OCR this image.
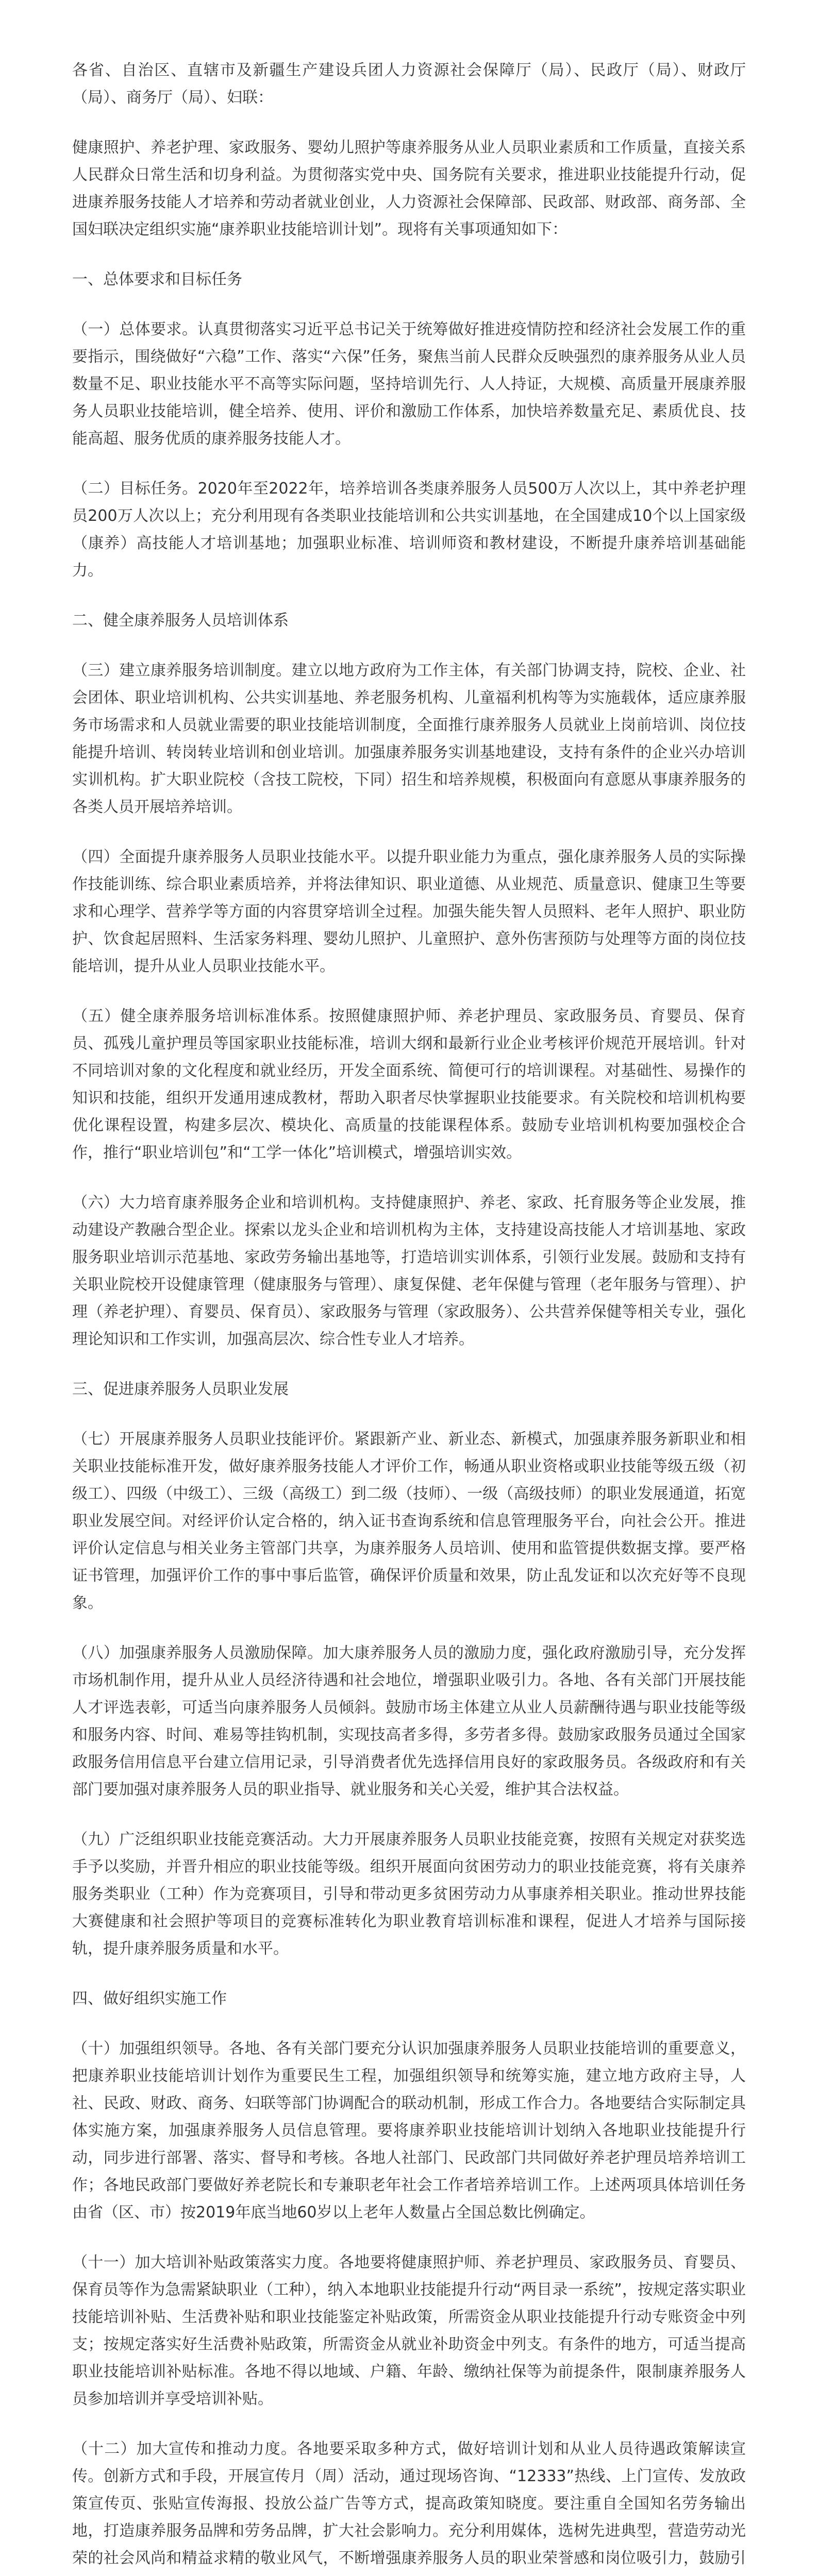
各省、自治区、直辖市及新疆生产建设兵团人力资源社会保障厅（局）、民政厅（局）、财政厅（局）、商务厅（局）、妇联：

健康照护、养老护理、家政服务、婴幼儿照护等康养服务从业人员职业素质和工作质量，直接关系人民群众日常生活和切身利益。为贯彻落实党中央、国务院有关要求，推进职业技能提升行动，促进康养服务技能人才培养和劳动者就业创业，人力资源社会保障部、民政部、财政部、商务部、全国妇联决定组织实施“康养职业技能培训计划”。现将有关事项通知如下：

一、总体要求和目标任务

（一）总体要求。认真贯彻落实习近平总书记关于统筹做好推进疫情防控和经济社会发展工作的重要指示，围绕做好“六稳”工作、落实“六保”任务，聚焦当前人民群众反映强烈的康养服务从业人员数量不足、职业技能水平不高等实际问题，坚持培训先行、人人持证，大规模、高质量开展康养服务人员职业技能培训，健全培养、使用、评价和激励工作体系，加快培养数量充足、素质优良、技能高超、服务优质的康养服务技能人才。

（二）目标任务。2020年至2022年，培养培训各类康养服务人员500万人次以上，其中养老护理员200万人次以上；充分利用现有各类职业技能培训和公共实训基地，在全国建成10个以上国家级（康养）高技能人才培训基地；加强职业标准、培训师资和教材建设，不断提升康养培训基础能力。

二、健全康养服务人员培训体系

（三）建立康养服务培训制度。建立以地方政府为工作主体，有关部门协调支持，院校、企业、社会团体、职业培训机构、公共实训基地、养老服务机构、儿童福利机构等为实施载体，适应康养服务市场需求和人员就业需要的职业技能培训制度，全面推行康养服务人员就业上岗前培训、岗位技能提升培训、转岗转业培训和创业培训。加强康养服务实训基地建设，支持有条件的企业兴办培训实训机构。扩大职业院校（含技工院校，下同）招生和培养规模，积极面向有意愿从事康养服务的各类人员开展培养培训。

（四）全面提升康养服务人员职业技能水平。以提升职业能力为重点，强化康养服务人员的实际操作技能训练、综合职业素质培养，并将法律知识、职业道德、从业规范、质量意识、健康卫生等要求和心理学、营养学等方面的内容贯穿培训全过程。加强失能失智人员照料、老年人照护、职业防护、饮食起居照料、生活家务料理、婴幼儿照护、儿童照护、意外伤害预防与处理等方面的岗位技能培训，提升从业人员职业技能水平。

（五）健全康养服务培训标准体系。按照健康照护师、养老护理员、家政服务员、育婴员、保育员、孤残儿童护理员等国家职业技能标准，培训大纲和最新行业企业考核评价规范开展培训。针对不同培训对象的文化程度和就业经历，开发全面系统、简便可行的培训课程。对基础性、易操作的知识和技能，组织开发通用速成教材，帮助入职者尽快掌握职业技能要求。有关院校和培训机构要优化课程设置，构建多层次、模块化、高质量的技能课程体系。鼓励专业培训机构要加强校企合作，推行“职业培训包”和“工学一体化”培训模式，增强培训实效。

（六）大力培育康养服务企业和培训机构。支持健康照护、养老、家政、托育服务等企业发展，推动建设产教融合型企业。探索以龙头企业和培训机构为主体，支持建设高技能人才培训基地、家政服务职业培训示范基地、家政劳务输出基地等，打造培训实训体系，引领行业发展。鼓励和支持有关职业院校开设健康管理（健康服务与管理）、康复保健、老年保健与管理（老年服务与管理）、护理（养老护理）、育婴员、保育员）、家政服务与管理（家政服务）、公共营养保健等相关专业，强化理论知识和工作实训，加强高层次、综合性专业人才培养。

三、促进康养服务人员职业发展

（七）开展康养服务人员职业技能评价。紧跟新产业、新业态、新模式，加强康养服务新职业和相关职业技能标准开发，做好康养服务技能人才评价工作，畅通从职业资格或职业技能等级五级（初级工）、四级（中级工）、三级（高级工）到二级（技师）、一级（高级技师）的职业发展通道，拓宽职业发展空间。对经评价认定合格的，纳入证书查询系统和信息管理服务平台，向社会公开。推进评价认定信息与相关业务主管部门共享，为康养服务人员培训、使用和监管提供数据支撑。要严格证书管理，加强评价工作的事中事后监管，确保评价质量和效果，防止乱发证和以次充好等不良现象。

（八）加强康养服务人员激励保障。加大康养服务人员的激励力度，强化政府激励引导，充分发挥市场机制作用，提升从业人员经济待遇和社会地位，增强职业吸引力。各地、各有关部门开展技能人才评选表彰，可适当向康养服务人员倾斜。鼓励市场主体建立从业人员薪酬待遇与职业技能等级和服务内容、时间、难易等挂钩机制，实现技高者多得，多劳者多得。鼓励家政服务员通过全国家政服务信用信息平台建立信用记录，引导消费者优先选择信用良好的家政服务员。各级政府和有关部门要加强对康养服务人员的职业指导、就业服务和关心关爱，维护其合法权益。

（九）广泛组织职业技能竞赛活动。大力开展康养服务人员职业技能竞赛，按照有关规定对获奖选手予以奖励，并晋升相应的职业技能等级。组织开展面向贫困劳动力的职业技能竞赛，将有关康养服务类职业（工种）作为竞赛项目，引导和带动更多贫困劳动力从事康养相关职业。推动世界技能大赛健康和社会照护等项目的竞赛标准转化为职业教育培训标准和课程，促进人才培养与国际接轨，提升康养服务质量和水平。

四、做好组织实施工作

（十）加强组织领导。各地、各有关部门要充分认识加强康养服务人员职业技能培训的重要意义，把康养职业技能培训计划作为重要民生工程，加强组织领导和统筹实施，建立地方政府主导，人社、民政、财政、商务、妇联等部门协调配合的联动机制，形成工作合力。各地要结合实际制定具体实施方案，加强康养服务人员信息管理。要将康养职业技能培训计划纳入各地职业技能提升行动，同步进行部署、落实、督导和考核。各地人社部门、民政部门共同做好养老护理员培养培训工作；各地民政部门要做好养老院长和专兼职老年社会工作者培养培训工作。上述两项具体培训任务由省（区、市）按2019年底当地60岁以上老年人数量占全国总数比例确定。

（十一）加大培训补贴政策落实力度。各地要将健康照护师、养老护理员、家政服务员、育婴员、保育员等作为急需紧缺职业（工种），纳入本地职业技能提升行动“两目录一系统”，按规定落实职业技能培训补贴、生活费补贴和职业技能鉴定补贴政策，所需资金从职业技能提升行动专账资金中列支；按规定落实好生活费补贴政策，所需资金从就业补助资金中列支。有条件的地方，可适当提高职业技能培训补贴标准。各地不得以地域、户籍、年龄、缴纳社保等为前提条件，限制康养服务人员参加培训并享受培训补贴。

（十二）加大宣传和推动力度。各地要采取多种方式，做好培训计划和从业人员待遇政策解读宣传。创新方式和手段，开展宣传月（周）活动，通过现场咨询、“12333”热线、上门宣传、发放政策宣传页、张贴宣传海报、投放公益广告等方式，提高政策知晓度。要注重自全国知名劳务输出地，打造康养服务品牌和劳务品牌，扩大社会影响力。充分利用媒体，选树先进典型，营造劳动光荣的社会风尚和精益求精的敬业风气，不断增强康养服务人员的职业荣誉感和岗位吸引力，鼓励引
